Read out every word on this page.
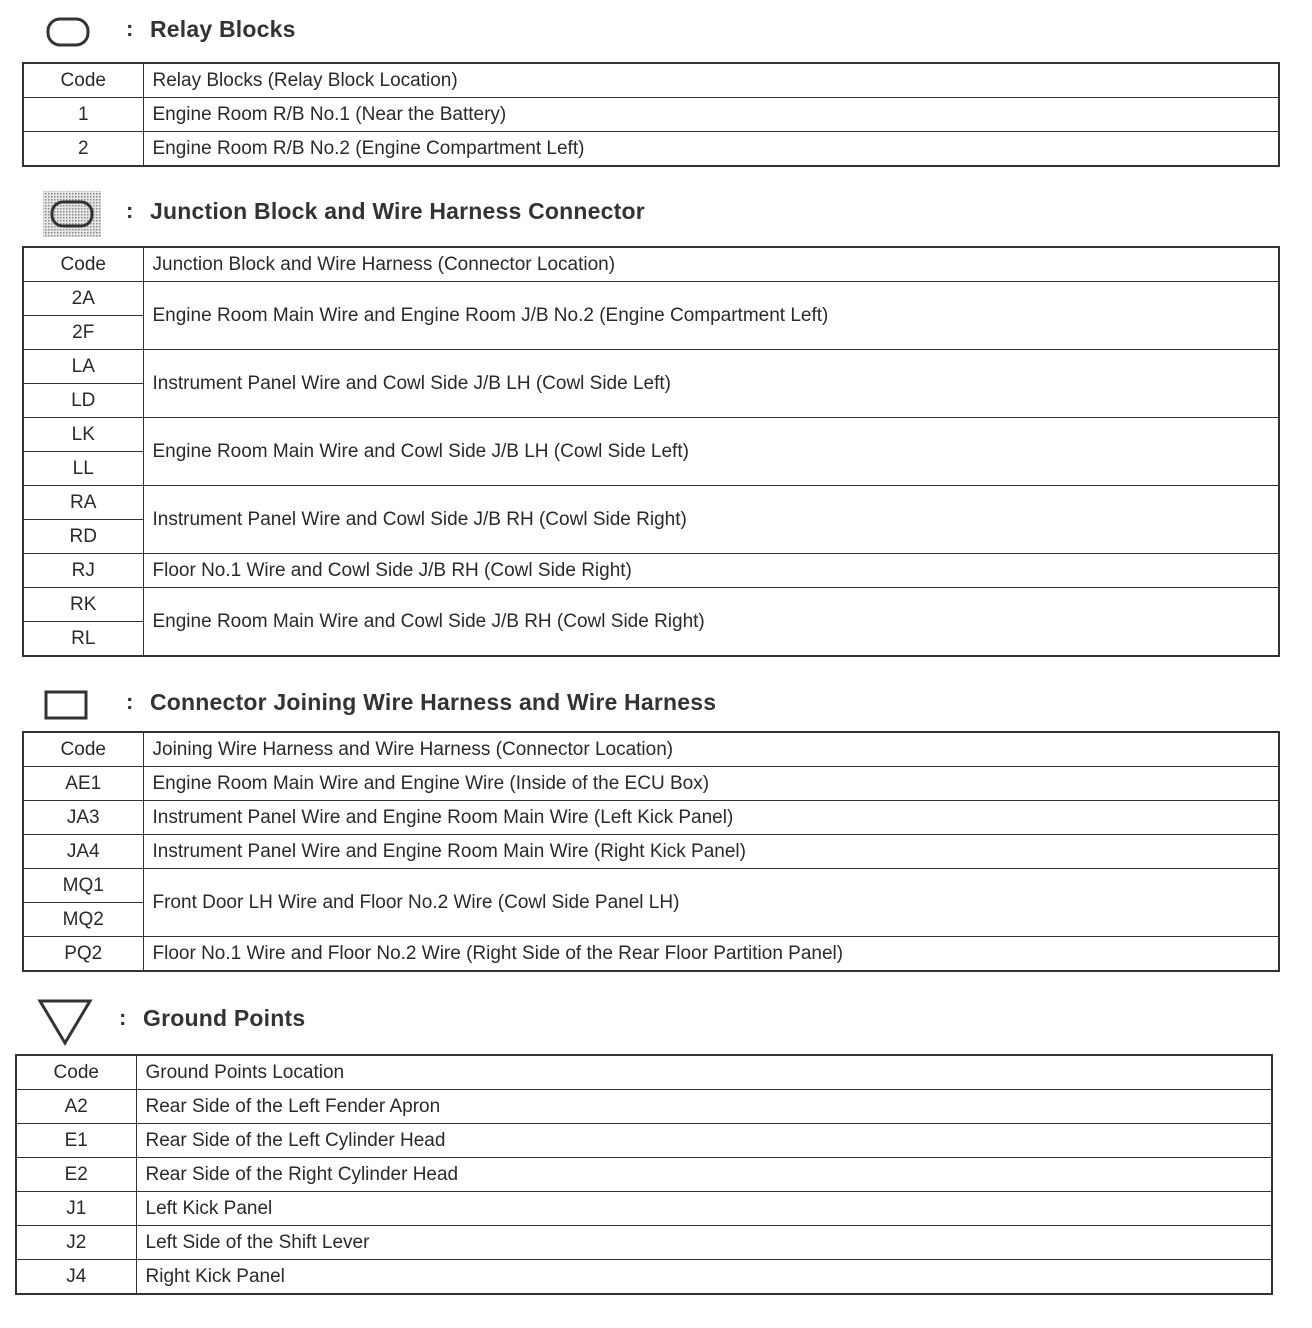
: Relay Blocks
Code	Relay Blocks (Relay Block Location)
1	Engine Room R/B No.1 (Near the Battery)
2	Engine Room R/B No.2 (Engine Compartment Left)
: Junction Block and Wire Harness Connector
Code	Junction Block and Wire Harness (Connector Location)
2A	Engine Room Main Wire and Engine Room J/B No.2 (Engine Compartment Left)
2F	
LA	Instrument Panel Wire and Cowl Side J/B LH (Cowl Side Left)
LD	
LK	Engine Room Main Wire and Cowl Side J/B LH (Cowl Side Left)
LL	
RA	Instrument Panel Wire and Cowl Side J/B RH (Cowl Side Right)
RD	
RJ	Floor No.1 Wire and Cowl Side J/B RH (Cowl Side Right)
RK	Engine Room Main Wire and Cowl Side J/B RH (Cowl Side Right)
RL	
: Connector Joining Wire Harness and Wire Harness
Code	Joining Wire Harness and Wire Harness (Connector Location)
AE1	Engine Room Main Wire and Engine Wire (Inside of the ECU Box)
JA3	Instrument Panel Wire and Engine Room Main Wire (Left Kick Panel)
JA4	Instrument Panel Wire and Engine Room Main Wire (Right Kick Panel)
MQ1	Front Door LH Wire and Floor No.2 Wire (Cowl Side Panel LH)
MQ2	
PQ2	Floor No.1 Wire and Floor No.2 Wire (Right Side of the Rear Floor Partition Panel)
: Ground Points
Code	Ground Points Location
A2	Rear Side of the Left Fender Apron
E1	Rear Side of the Left Cylinder Head
E2	Rear Side of the Right Cylinder Head
J1	Left Kick Panel
J2	Left Side of the Shift Lever
J4	Right Kick Panel
